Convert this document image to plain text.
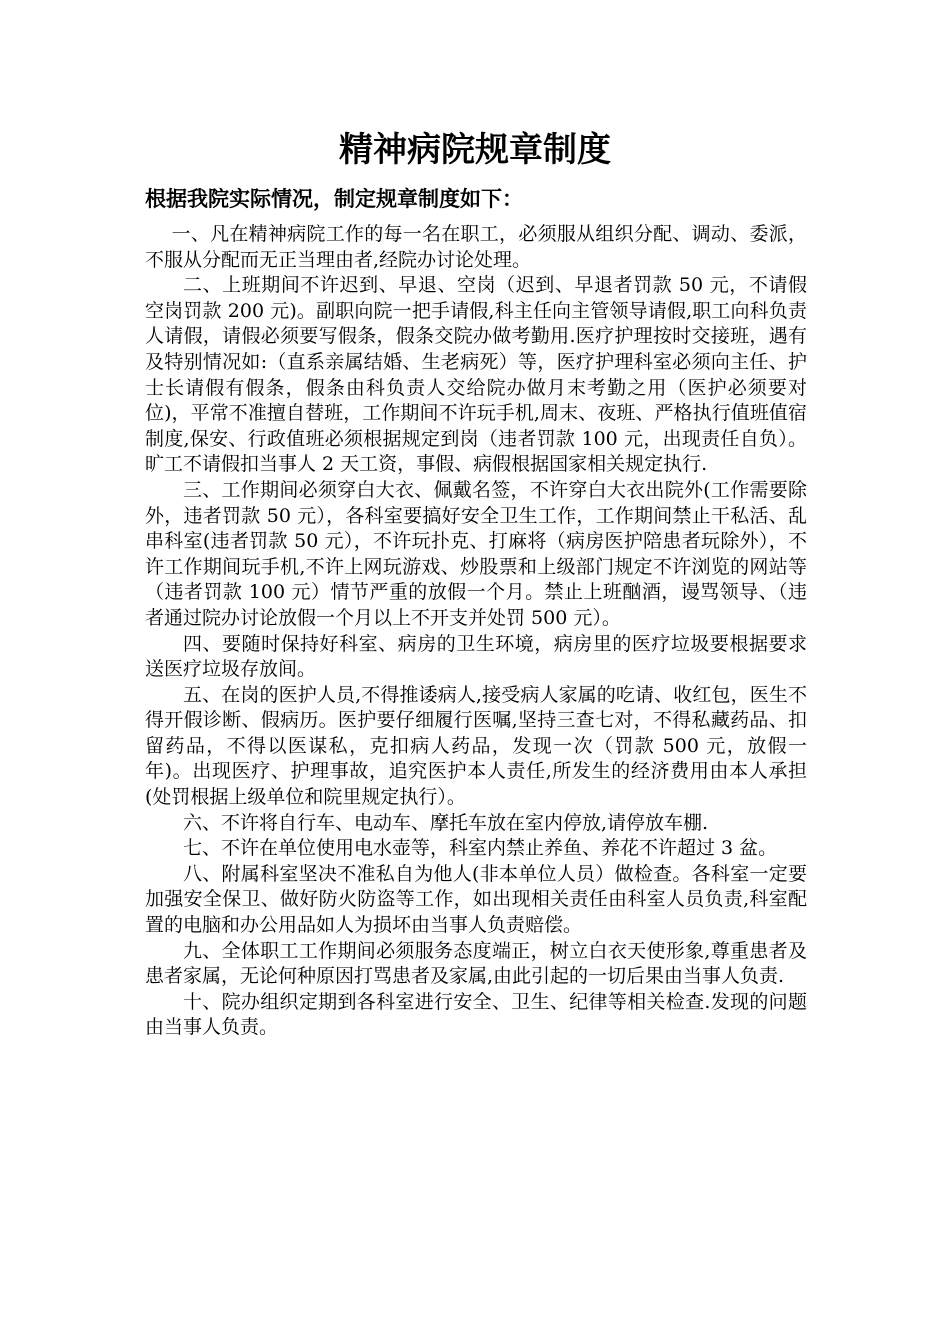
精神病院规章制度
根据我院实际情况，制定规章制度如下：

一、凡在精神病院工作的每一名在职工，必须服从组织分配、调动、委派，不服从分配而无正当理由者,经院办讨论处理。

二、上班期间不许迟到、早退、空岗（迟到、早退者罚款 50 元，不请假空岗罚款 200 元)。副职向院一把手请假,科主任向主管领导请假,职工向科负责人请假，请假必须要写假条，假条交院办做考勤用.医疗护理按时交接班，遇有及特别情况如:（直系亲属结婚、生老病死）等，医疗护理科室必须向主任、护士长请假有假条，假条由科负责人交给院办做月末考勤之用（医护必须要对位)，平常不准擅自替班，工作期间不许玩手机,周末、夜班、严格执行值班值宿制度,保安、行政值班必须根据规定到岗（违者罚款 100 元，出现责任自负）。旷工不请假扣当事人 2 天工资，事假、病假根据国家相关规定执行.

三、工作期间必须穿白大衣、佩戴名签，不许穿白大衣出院外(工作需要除外，违者罚款 50 元），各科室要搞好安全卫生工作，工作期间禁止干私活、乱串科室(违者罚款 50 元），不许玩扑克、打麻将（病房医护陪患者玩除外），不许工作期间玩手机,不许上网玩游戏、炒股票和上级部门规定不许浏览的网站等（违者罚款 100 元）情节严重的放假一个月。禁止上班酗酒，谩骂领导、（违者通过院办讨论放假一个月以上不开支并处罚 500 元）。

四、要随时保持好科室、病房的卫生环境，病房里的医疗垃圾要根据要求送医疗垃圾存放间。

五、在岗的医护人员,不得推诿病人,接受病人家属的吃请、收红包，医生不得开假诊断、假病历。医护要仔细履行医嘱,坚持三查七对，不得私藏药品、扣留药品，不得以医谋私，克扣病人药品，发现一次（罚款 500 元，放假一年)。出现医疗、护理事故，追究医护本人责任,所发生的经济费用由本人承担(处罚根据上级单位和院里规定执行）。

六、不许将自行车、电动车、摩托车放在室内停放,请停放车棚.

七、不许在单位使用电水壶等，科室内禁止养鱼、养花不许超过 3 盆。

八、附属科室坚决不准私自为他人(非本单位人员）做检查。各科室一定要加强安全保卫、做好防火防盗等工作，如出现相关责任由科室人员负责,科室配置的电脑和办公用品如人为损坏由当事人负责赔偿。

九、全体职工工作期间必须服务态度端正，树立白衣天使形象,尊重患者及患者家属，无论何种原因打骂患者及家属,由此引起的一切后果由当事人负责.

十、院办组织定期到各科室进行安全、卫生、纪律等相关检查.发现的问题由当事人负责。
